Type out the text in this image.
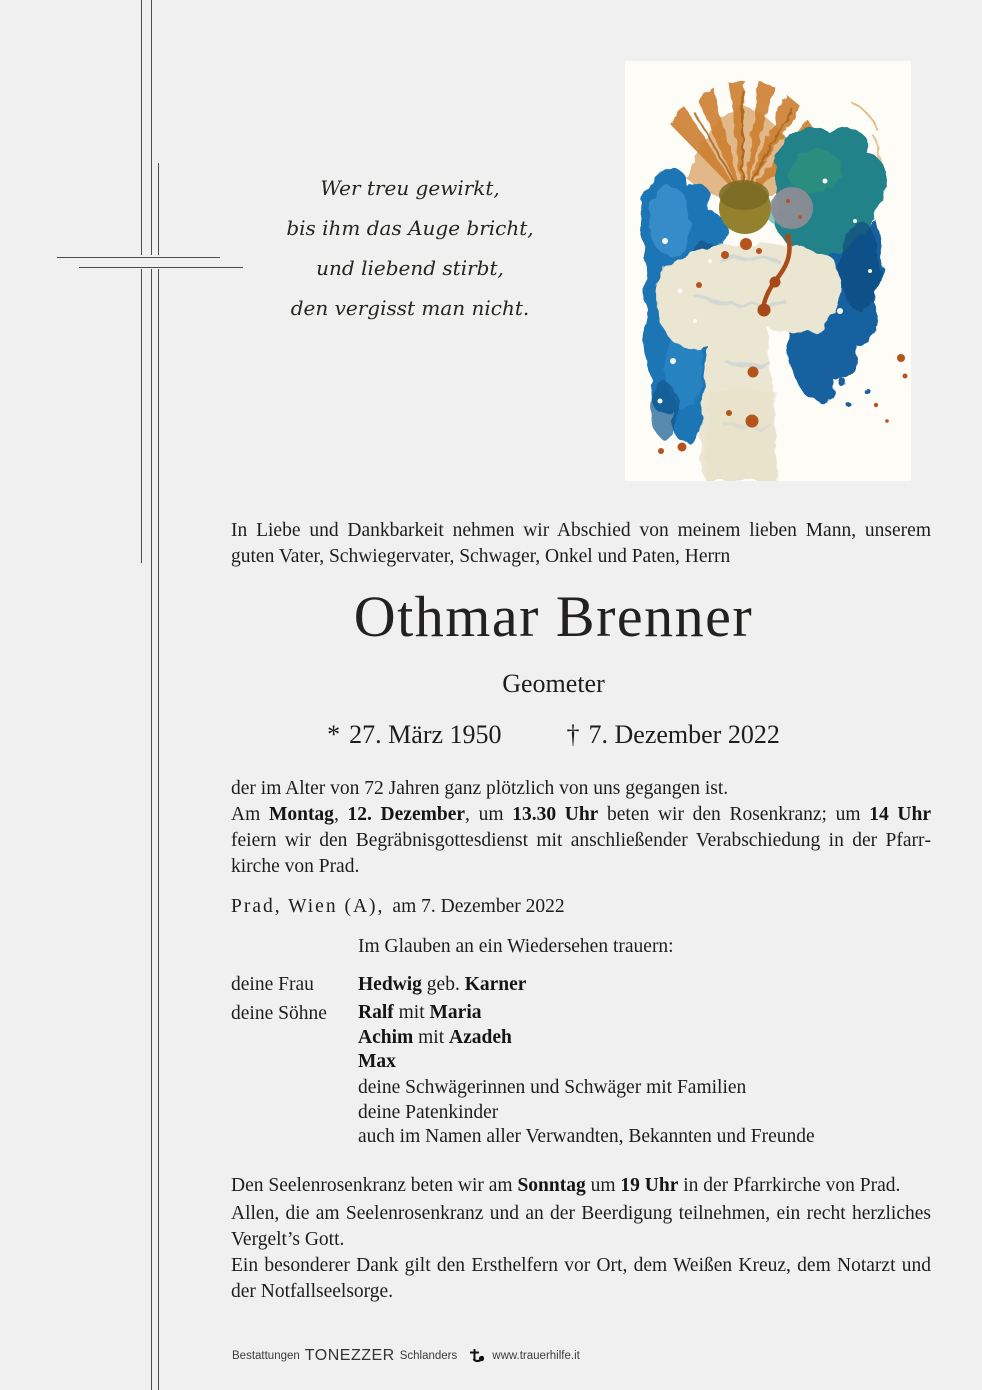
Wer treu gewirkt,
bis ihm das Auge bricht,
und liebend stirbt,
den vergisst man nicht.

In Liebe und Dankbarkeit nehmen wir Abschied von meinem lieben Mann, unserem guten Vater, Schwiegervater, Schwager, Onkel und Paten, Herrn

Othmar Brenner
Geometer
* 27. März 1950	† 7. Dezember 2022

der im Alter von 72 Jahren ganz plötzlich von uns gegangen ist.

Am Montag, 12. Dezember, um 13.30 Uhr beten wir den Rosenkranz; um 14 Uhr feiern wir den Begräbnisgottesdienst mit anschließender Verabschiedung in der Pfarrkirche von Prad.

Prad, Wien (A), am 7. Dezember 2022

Im Glauben an ein Wiedersehen trauern:

deine Frau	Hedwig geb. Karner
deine Söhne	Ralf mit Maria
Achim mit Azadeh
Max
deine Schwägerinnen und Schwäger mit Familien
deine Patenkinder
auch im Namen aller Verwandten, Bekannten und Freunde

Den Seelenrosenkranz beten wir am Sonntag um 19 Uhr in der Pfarrkirche von Prad.

Allen, die am Seelenrosenkranz und an der Beerdigung teilnehmen, ein recht herzliches Vergelt’s Gott.

Ein besonderer Dank gilt den Ersthelfern vor Ort, dem Weißen Kreuz, dem Notarzt und der Notfallseelsorge.

Bestattungen TONEZZER Schlanders	www.trauerhilfe.it
